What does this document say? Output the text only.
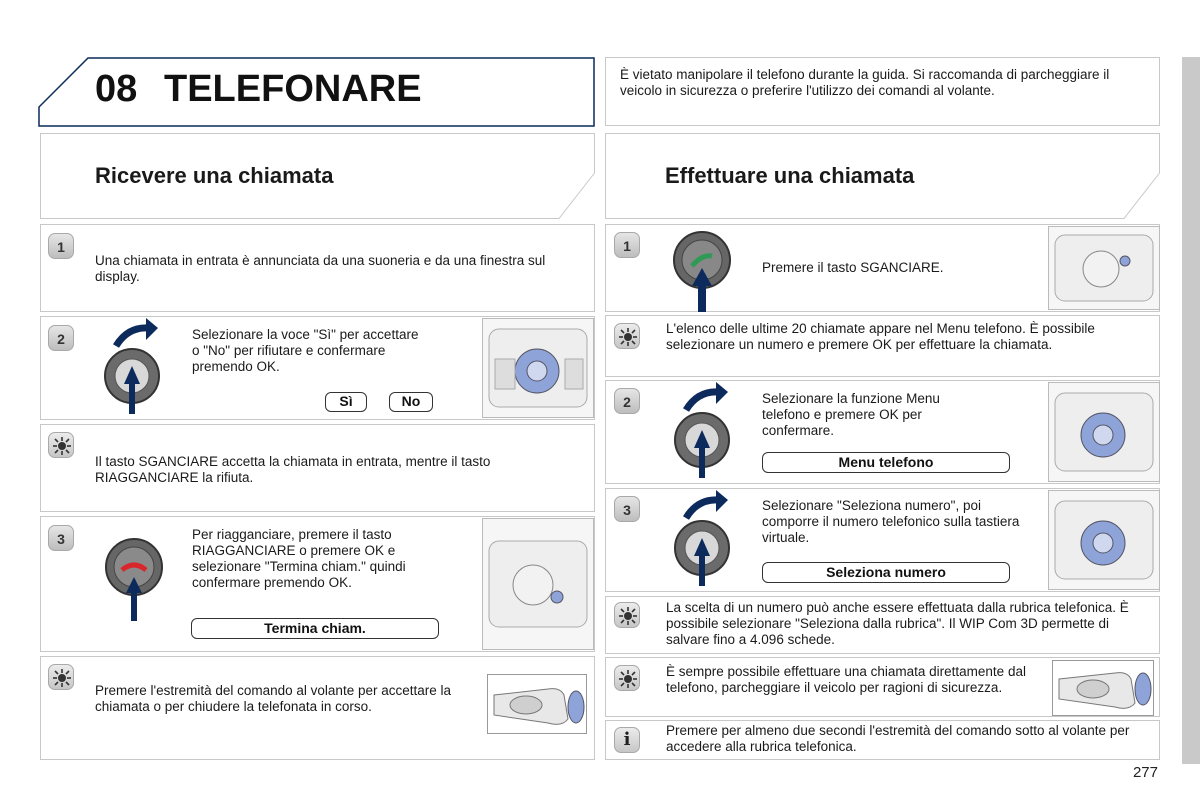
08 TELEFONARE	È vietato manipolare il telefono durante la guida. Si raccomanda di parcheggiare il veicolo in sicurezza o preferire l'utilizzo dei comandi al volante.
Ricevere una chiamata
1
Una chiamata in entrata è annunciata da una suoneria e da una finestra sul display.
2	Selezionare la voce "Sì" per accettare o "No" per rifiutare e confermare premendo OK.
Sì	No
Il tasto SGANCIARE accetta la chiamata in entrata, mentre il tasto RIAGGANCIARE la rifiuta.
3	Per riagganciare, premere il tasto RIAGGANCIARE o premere OK e selezionare "Termina chiam." quindi confermare premendo OK.
Termina chiam.
Premere l'estremità del comando al volante per accettare la chiamata o per chiudere la telefonata in corso.
Effettuare una chiamata
1
Premere il tasto SGANCIARE.
L'elenco delle ultime 20 chiamate appare nel Menu telefono. È possibile selezionare un numero e premere OK per effettuare la chiamata.
2	Selezionare la funzione Menu telefono e premere OK per confermare.
Menu telefono
3	Selezionare "Seleziona numero", poi comporre il numero telefonico sulla tastiera virtuale.
Seleziona numero
La scelta di un numero può anche essere effettuata dalla rubrica telefonica. È possibile selezionare "Seleziona dalla rubrica". Il WIP Com 3D permette di salvare fino a 4.096 schede.
È sempre possibile effettuare una chiamata direttamente dal telefono, parcheggiare il veicolo per ragioni di sicurezza.
i	Premere per almeno due secondi l'estremità del comando sotto al volante per accedere alla rubrica telefonica.
277
